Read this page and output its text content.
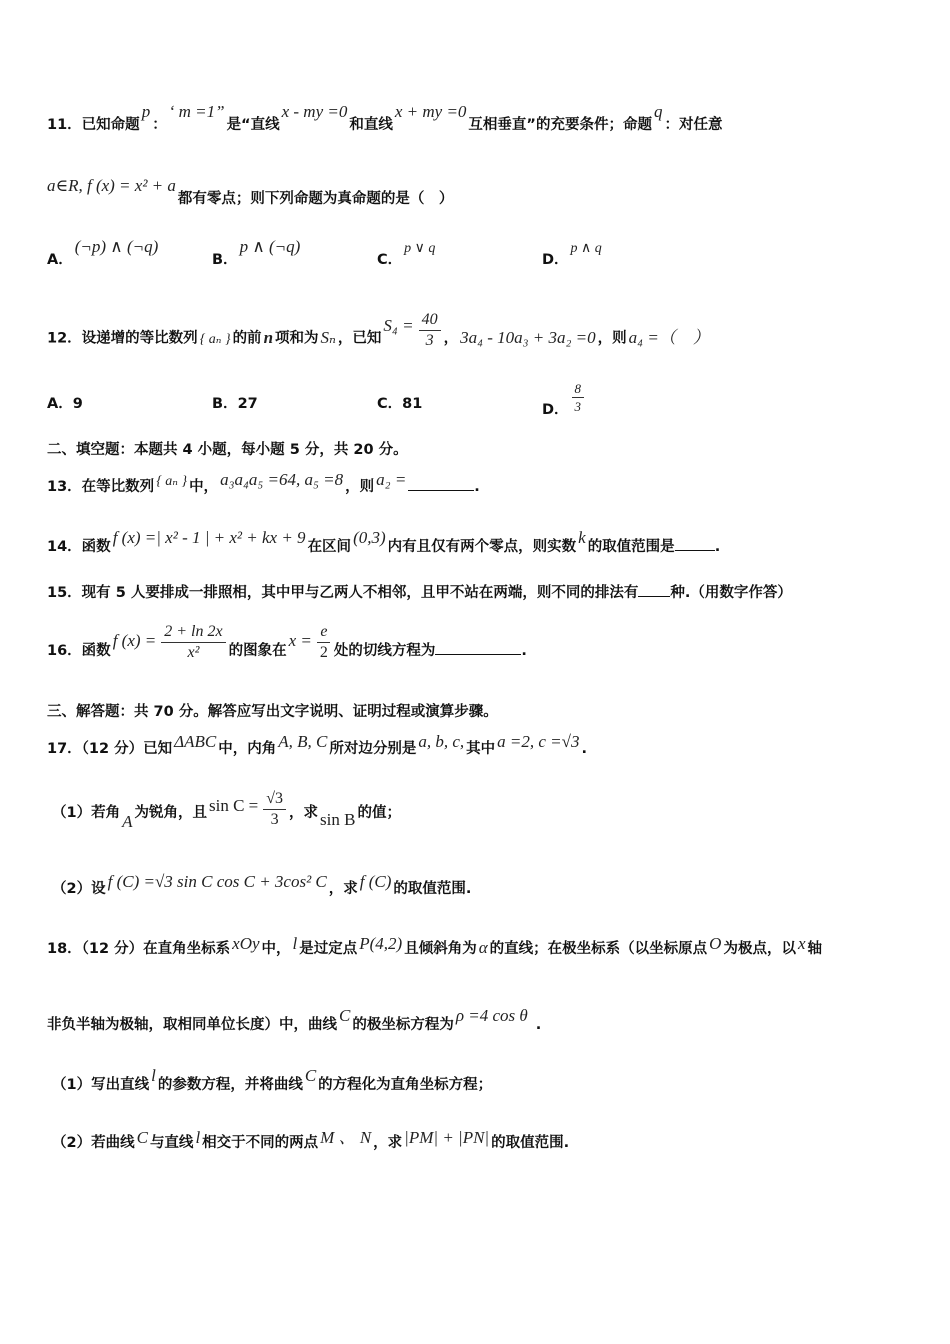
11．已知命题p：‘ m =1”是“直线x - my =0和直线x + my =0互相垂直”的充要条件；命题q：对任意
a∈R, f (x) = x² + a都有零点；则下列命题为真命题的是（　）
A．(¬p) ∧ (¬q)
B．p ∧ (¬q)
C．p ∨ q
D．p ∧ q
12．设递增的等比数列 { aₙ } 的前 n 项和为 Sₙ ，已知$S_4 = \frac{40}{3}$ ， 3a₄ - 10a₃ + 3a₂ =0 ，则 a₄ =（　）
A．9	B．27	C．81	D． $\frac{8}{3}$
二、填空题：本题共 4 小题，每小题 5 分，共 20 分。
13．在等比数列 { aₙ } 中， a₃a₄a₅ =64, a₅ =8 ，则 a₂ =	.
14．函数 f (x) =| x² - 1 | + x² + kx + 9 在区间 (0,3) 内有且仅有两个零点，则实数 k 的取值范围是	.
15．现有 5 人要排成一排照相，其中甲与乙两人不相邻，且甲不站在两端，则不同的排法有 种.（用数字作答）
16．函数f $(x) = \frac{2 + \ln 2x}{\text{x²}}$ 的图象在$x = \frac{e}{2}$ 处的切线方程为	.
三、解答题：共 70 分。解答应写出文字说明、证明过程或演算步骤。
17．（12 分）已知 ΔABC 中，内角 A, B, C 所对边分别是 a, b, c, 其中 a =2, c =√3 .
（1）若角 A 为锐角，且 $\sin C = \frac{√3}{3}$ ，求 sin B 的值；
（2）设 f (C) =√3 sin C cos C + 3cos² C ，求 f (C) 的取值范围.
18．（12 分）在直角坐标系 xOy 中， l 是过定点 P(4,2) 且倾斜角为 α 的直线；在极坐标系（以坐标原点 O 为极点，以 x 轴
非负半轴为极轴，取相同单位长度）中，曲线 C 的极坐标方程为 ρ =4 cos θ .
（1）写出直线 l 的参数方程，并将曲线 C 的方程化为直角坐标方程；
（2）若曲线 C 与直线 l 相交于不同的两点 M 、 N ，求 |PM| + |PN| 的取值范围.
